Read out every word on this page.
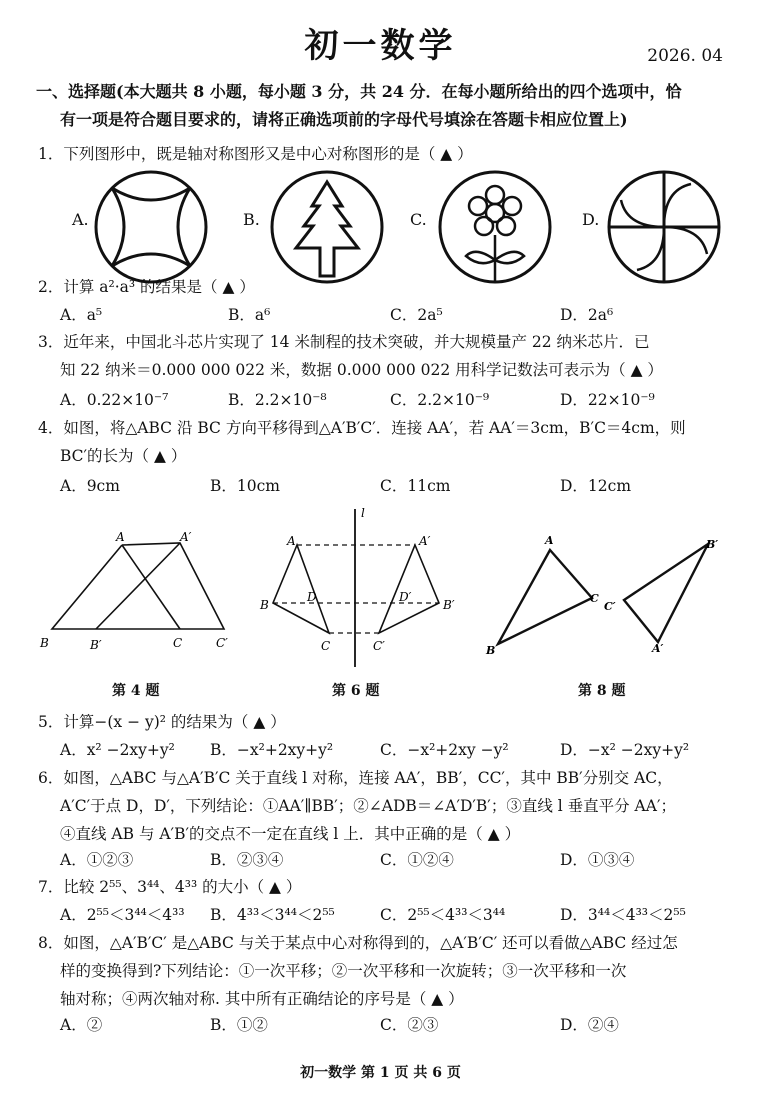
初一数学	2026. 04
一、选择题(本大题共 8 小题，每小题 3 分，共 24 分．在每小题所给出的四个选项中，恰
有一项是符合题目要求的，请将正确选项前的字母代号填涂在答题卡相应位置上)
1．下列图形中，既是轴对称图形又是中心对称图形的是（ ▲ ）
A.	B.	C.	D.
2．计算 a²·a³ 的结果是（ ▲ ）
A．a⁵	B．a⁶	C．2a⁵	D．2a⁶
3．近年来，中国北斗芯片实现了 14 米制程的技术突破，并大规模量产 22 纳米芯片．已
知 22 纳米＝0.000 000 022 米，数据 0.000 000 022 用科学记数法可表示为（ ▲ ）
A．0.22×10⁻⁷	B．2.2×10⁻⁸	C．2.2×10⁻⁹	D．22×10⁻⁹
4．如图，将△ABC 沿 BC 方向平移得到△A′B′C′．连接 AA′，若 AA′＝3cm，B′C＝4cm，则
BC′的长为（ ▲ ）
A．9cm	B．10cm	C．11cm	D．12cm
A	A′
B	B′	C	C′
第 4 题
l
A	A′
B
D	D′
B′
C	C′
第 6 题
A
C
B
B′
C′
A′
第 8 题
5．计算−(x − y)² 的结果为（ ▲ ）
A．x² −2xy+y² B．−x²+2xy+y²	C．−x²+2xy −y²	D．−x² −2xy+y²
6．如图，△ABC 与△A′B′C 关于直线 l 对称，连接 AA′，BB′，CC′，其中 BB′分别交 AC，
A′C′于点 D，D′，下列结论：①AA′∥BB′；②∠ADB＝∠A′D′B′；③直线 l 垂直平分 AA′；
④直线 AB 与 A′B′的交点不一定在直线 l 上．其中正确的是（ ▲ ）
A．①②③	B．②③④	C．①②④	D．①③④
7．比较 2⁵⁵、3⁴⁴、4³³ 的大小（ ▲ ）
A．2⁵⁵＜3⁴⁴＜4³³ B．4³³＜3⁴⁴＜2⁵⁵	C．2⁵⁵＜4³³＜3⁴⁴	D．3⁴⁴＜4³³＜2⁵⁵
8．如图，△A′B′C′ 是△ABC 与关于某点中心对称得到的，△A′B′C′ 还可以看做△ABC 经过怎
样的变换得到?下列结论：①一次平移；②一次平移和一次旋转；③一次平移和一次
轴对称；④两次轴对称. 其中所有正确结论的序号是（ ▲ ）
A．②	B．①②	C．②③	D．②④
初一数学 第 1 页 共 6 页
